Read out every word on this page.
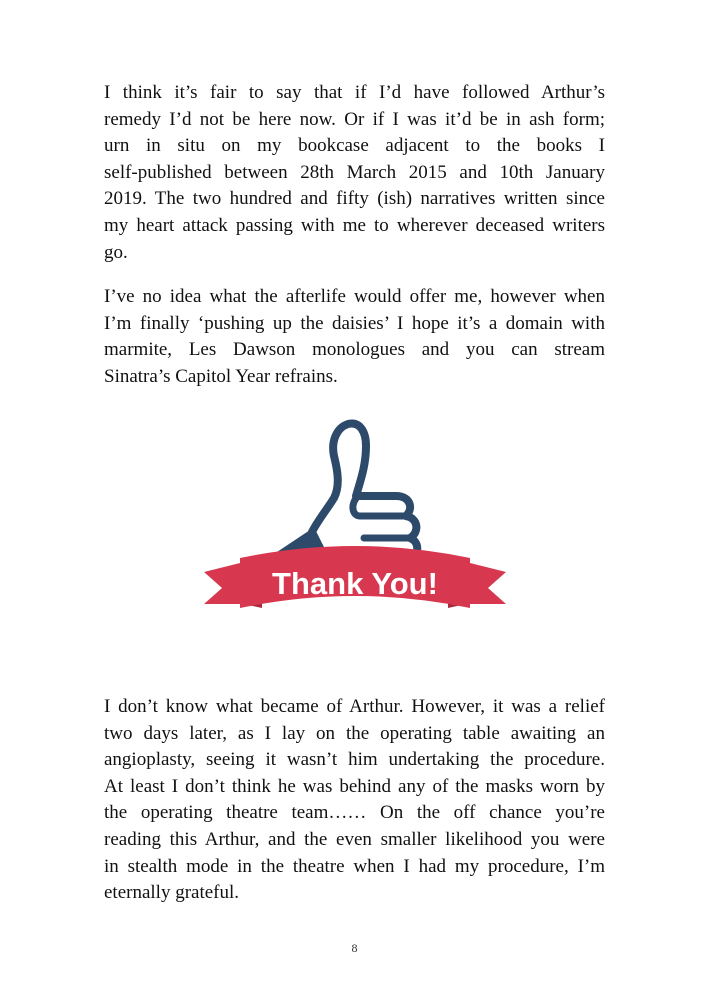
I think it’s fair to say that if I’d have followed Arthur’s
remedy I’d not be here now. Or if I was it’d be in ash form;
urn in situ on my bookcase adjacent to the books I
self-published between 28th March 2015 and 10th January
2019. The two hundred and fifty (ish) narratives written since
my heart attack passing with me to wherever deceased writers
go.

I’ve no idea what the afterlife would offer me, however when
I’m finally ‘pushing up the daisies’ I hope it’s a domain with
marmite, Les Dawson monologues and you can stream
Sinatra’s Capitol Year refrains.

Thank You!

I don’t know what became of Arthur. However, it was a relief
two days later, as I lay on the operating table awaiting an
angioplasty, seeing it wasn’t him undertaking the procedure.
At least I don’t think he was behind any of the masks worn by
the operating theatre team…… On the off chance you’re
reading this Arthur, and the even smaller likelihood you were
in stealth mode in the theatre when I had my procedure, I’m
eternally grateful.

8
